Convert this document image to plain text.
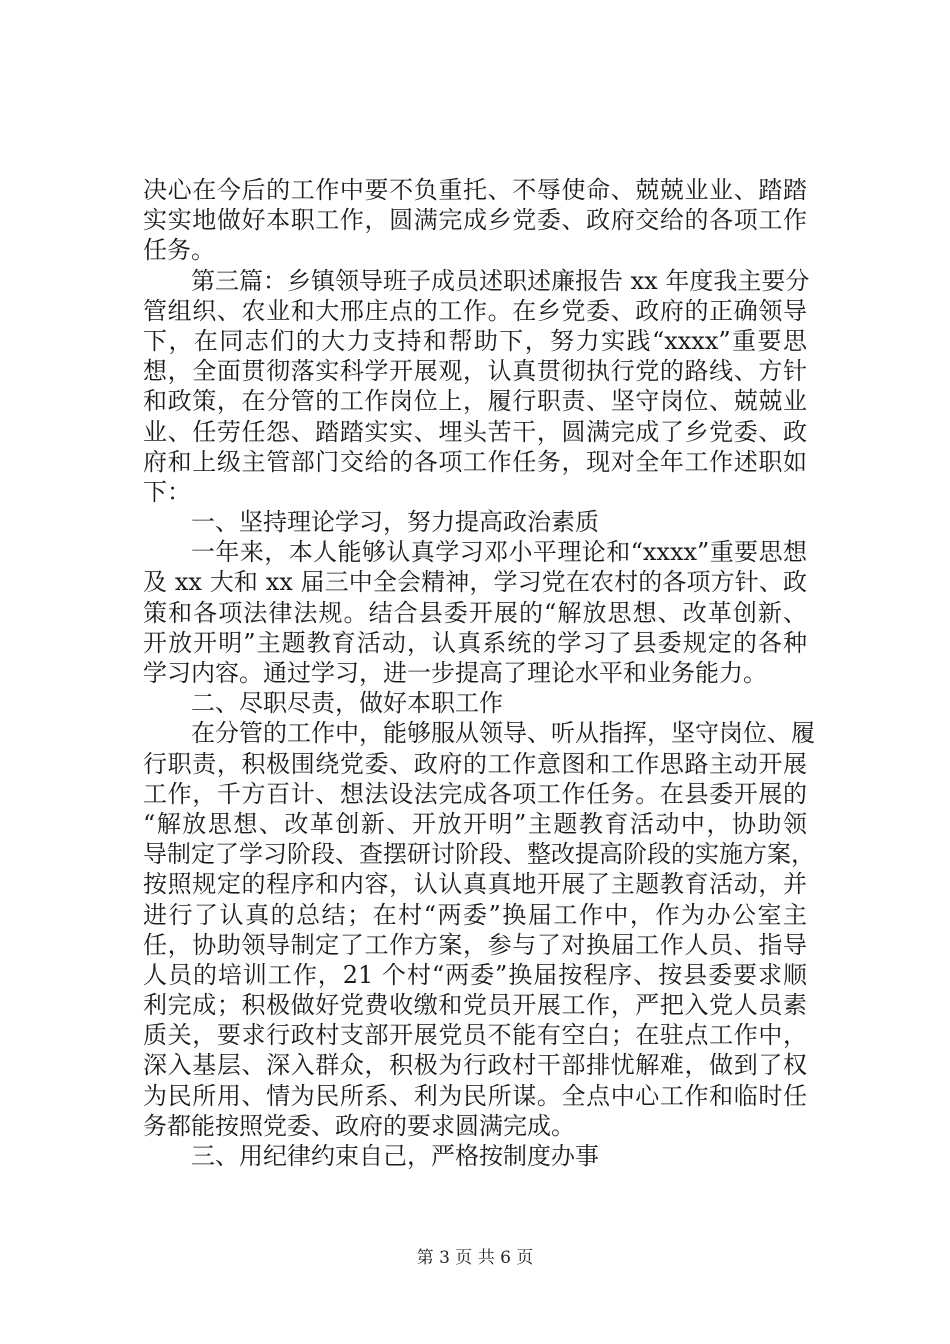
决心在今后的工作中要不负重托、不辱使命、兢兢业业、踏踏
实实地做好本职工作，圆满完成乡党委、政府交给的各项工作
任务。
第三篇：乡镇领导班子成员述职述廉报告 xx 年度我主要分
管组织、农业和大邢庄点的工作。在乡党委、政府的正确领导
下，在同志们的大力支持和帮助下，努力实践“xxxx”重要思
想，全面贯彻落实科学开展观，认真贯彻执行党的路线、方针
和政策，在分管的工作岗位上，履行职责、坚守岗位、兢兢业
业、任劳任怨、踏踏实实、埋头苦干，圆满完成了乡党委、政
府和上级主管部门交给的各项工作任务，现对全年工作述职如
下：
一、坚持理论学习，努力提高政治素质
一年来，本人能够认真学习邓小平理论和“xxxx”重要思想
及 xx 大和 xx 届三中全会精神，学习党在农村的各项方针、政
策和各项法律法规。结合县委开展的“解放思想、改革创新、
开放开明”主题教育活动，认真系统的学习了县委规定的各种
学习内容。通过学习，进一步提高了理论水平和业务能力。
二、尽职尽责，做好本职工作
在分管的工作中，能够服从领导、听从指挥，坚守岗位、履
行职责，积极围绕党委、政府的工作意图和工作思路主动开展
工作，千方百计、想法设法完成各项工作任务。在县委开展的
“解放思想、改革创新、开放开明”主题教育活动中，协助领
导制定了学习阶段、查摆研讨阶段、整改提高阶段的实施方案，
按照规定的程序和内容，认认真真地开展了主题教育活动，并
进行了认真的总结；在村“两委”换届工作中，作为办公室主
任，协助领导制定了工作方案，参与了对换届工作人员、指导
人员的培训工作，21 个村“两委”换届按程序、按县委要求顺
利完成；积极做好党费收缴和党员开展工作，严把入党人员素
质关，要求行政村支部开展党员不能有空白；在驻点工作中，
深入基层、深入群众，积极为行政村干部排忧解难，做到了权
为民所用、情为民所系、利为民所谋。全点中心工作和临时任
务都能按照党委、政府的要求圆满完成。
三、用纪律约束自己，严格按制度办事
第 3 页 共 6 页
